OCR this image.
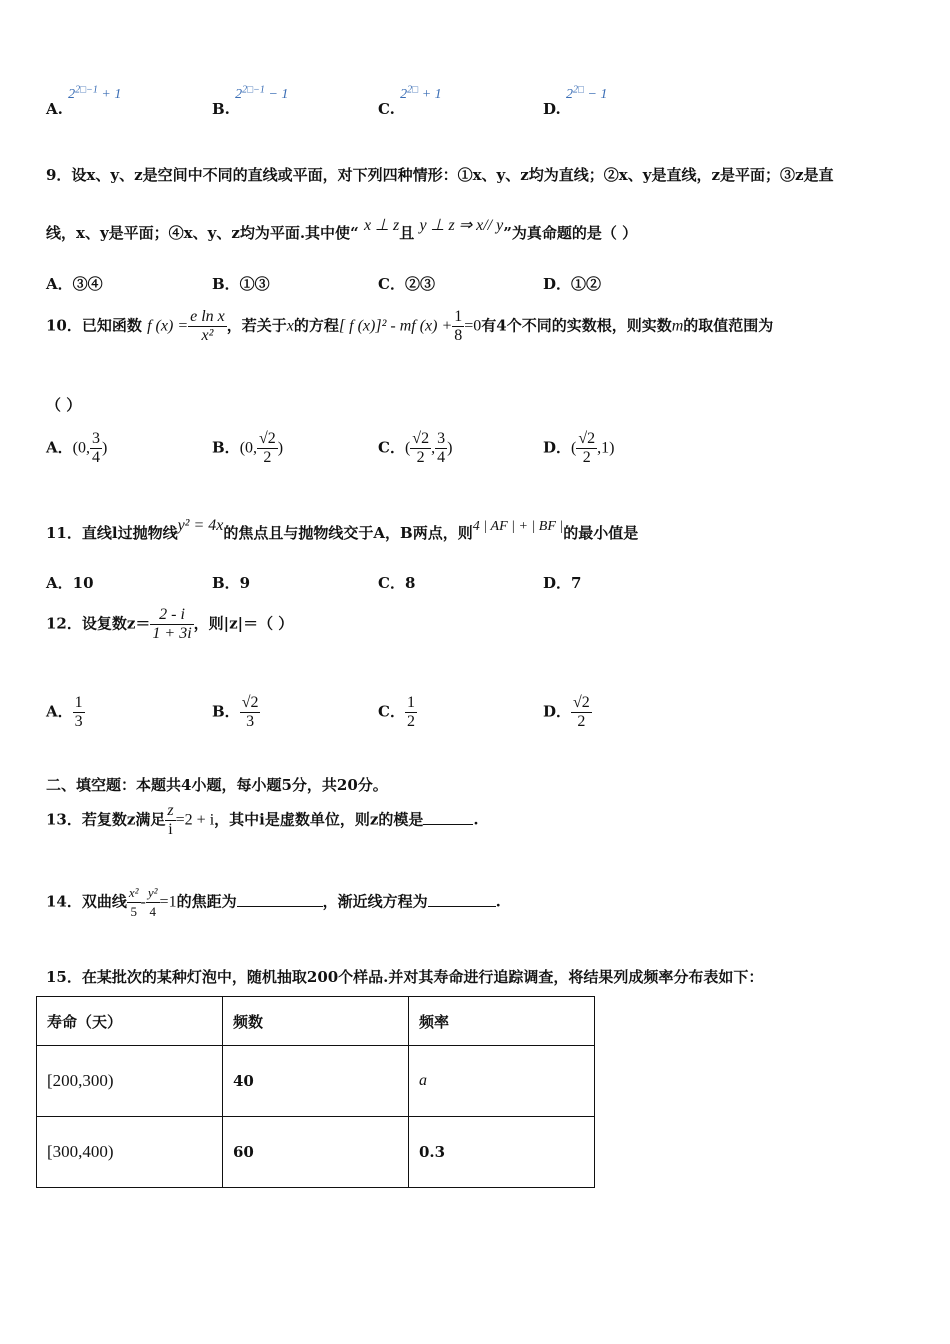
A. $2^{2□-1} + 1$
B. $2^{2□-1} - 1$
C. $2^{2□} + 1$
D. $2^{2□} - 1$
9．设x、y、z是空间中不同的直线或平面，对下列四种情形：①x、y、z均为直线；②x、y是直线，z是平面；③z是直
线，x、y是平面；④x、y、z均为平面.其中使“ x ⊥ z且 y ⊥ z ⇒ x// y”为真命题的是（ ）
A．③④	B．①③	C．②③	D．①②
10．已知函数 f $(x) = \frac{\text{e ln x}}{\text{x²}}$ ，若关于x的方程[ f (x)]² - mf $(x) + \frac{1}{8} =0$有4个不同的实数根，则实数m的取值范围为
（ ）
A．(0, $\frac{3}{4}$ )	B．(0, $\frac{√2}{2}$ )	C．( $\frac{√2}{2}$ , $\frac{3}{4}$ )	D．( $\frac{√2}{2} ,1$)
11．直线l过抛物线y² = 4x的焦点且与抛物线交于A，B两点，则4 | AF | + | BF |的最小值是
A．10	B．9	C．8	D．7
12．设复数$z= \frac{2 - i}{1 + 3i}$ ，则|z|＝（ ）
A． $\frac{1}{3}$	B． $\frac{√2}{3}$	C． $\frac{1}{2}$	D． $\frac{√2}{2}$
二、填空题：本题共4小题，每小题5分，共20分。
13．若复数z满足 $\frac{z}{i} =2 + i$，其中i是虚数单位，则z的模是	.
14．双曲线 $\frac{\text{x²}}{5} - \frac{\text{y²}}{4} =1$的焦距为	，渐近线方程为	.
15．在某批次的某种灯泡中，随机抽取200个样品.并对其寿命进行追踪调查，将结果列成频率分布表如下：
寿命（天）	频数	频率
[200,300)	40	a
[300,400)	60	0.3
